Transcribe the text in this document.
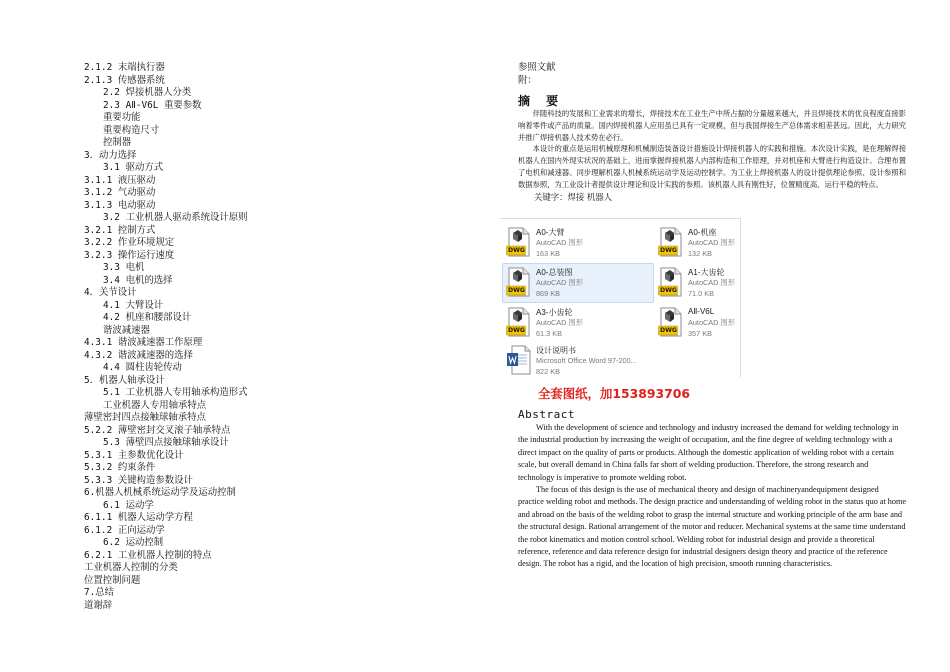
2.1.2 末端执行器
2.1.3 传感器系统
2.2 焊接机器人分类
2.3 AⅡ-V6L 重要参数
重要功能
重要构造尺寸
控制器
3．动力选择
3.1 驱动方式
3.1.1 液压驱动
3.1.2 气动驱动
3.1.3 电动驱动
3.2 工业机器人驱动系统设计原则
3.2.1 控制方式
3.2.2 作业环境规定
3.2.3 操作运行速度
3.3 电机
3.4 电机的选择
4．关节设计
4.1 大臂设计
4.2 机座和腰部设计
谐波减速器
4.3.1 谐波减速器工作原理
4.3.2 谐波减速器的选择
4.4 圆柱齿轮传动
5．机器人轴承设计
5.1 工业机器人专用轴承构造形式
工业机器人专用轴承特点
薄壁密封四点接触球轴承特点
5.2.2 薄壁密封交叉滚子轴承特点
5.3 薄壁四点接触球轴承设计
5.3.1 主参数优化设计
5.3.2 约束条件
5.3.3 关键构造参数设计
6.机器人机械系统运动学及运动控制
6.1 运动学
6.1.1 机器人运动学方程
6.1.2 正向运动学
6.2 运动控制
6.2.1 工业机器人控制的特点
工业机器人控制的分类
位置控制问题
7.总结
道谢辞
参照文献
附：
摘 要

伴随科技的发展和工业需求的增长，焊接技术在工业生产中所占据的分量越来越大，并且焊接技术的优良程度直接影响着零件或产品的质量。国内焊接机器人应用虽已具有一定规模，但与我国焊接生产总体需求相差甚远。因此，大力研究并推广焊接机器人技术势在必行。

本设计的重点是运用机械原理和机械制造装备设计措施设计焊接机器人的实践和措施。本次设计实践，是在理解焊接机器人在国内外现实状况的基础上，进而掌握焊接机器人内部构造和工作原理，并对机座和大臂进行构造设计。合理布置了电机和减速器。同步理解机器人机械系统运动学及运动控制学。为工业上焊接机器人的设计提供理论参照、设计参照和数据参照，为工业设计者提供设计理论和设计实践的参照。该机器人具有刚性好，位置精度高、运行平稳的特点。

关键字：焊接 机器人
DWG
A0-大臂
AutoCAD 图形
163 KB	DWG
A0-机座
AutoCAD 图形
132 KB
DWG
A0-总装图
AutoCAD 图形
869 KB	DWG
A1-大齿轮
AutoCAD 图形
71.0 KB
DWG
A3-小齿轮
AutoCAD 图形
61.3 KB	DWG
AⅡ-V6L
AutoCAD 图形
357 KB
设计说明书
Microsoft Office Word 97-200...
822 KB
全套图纸，加153893706
Abstract

With the development of science and technology and industry increased the demand for welding technology in the industrial production by increasing the weight of occupation, and the fine degree of welding technology with a direct impact on the quality of parts or products. Although the domestic application of welding robot with a certain scale, but overall demand in China falls far short of welding production. Therefore, the strong research and technology is imperative to promote welding robot.

The focus of this design is the use of mechanical theory and design of machineryandequipment designed practice welding robot and methods. The design practice and understanding of welding robot in the status quo at home and abroad on the basis of the welding robot to grasp the internal structure and working principle of the arm base and the structural design. Rational arrangement of the motor and reducer. Mechanical systems at the same time understand the robot kinematics and motion control school. Welding robot for industrial design and provide a theoretical reference, reference and data reference design for industrial designers design theory and practice of the reference design. The robot has a rigid, and the location of high precision, smooth running characteristics.
